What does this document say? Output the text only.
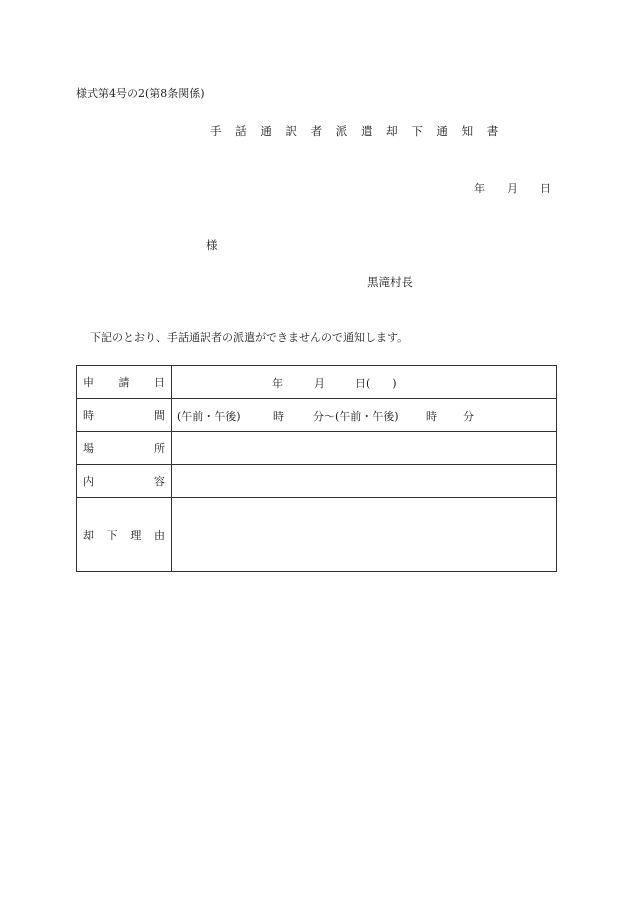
様式第4号の2(第8条関係)
手 話 通 訳 者 派 遣 却 下 通 知 書
年 月 日
様
黒滝村長
下記のとおり、手話通訳者の派遣ができませんので通知します。
申 請 日	年 月 日(　　)

時 間	(午前・午後) 時 分〜(午前・午後) 時 分

場 所	

内 容	

却 下 理 由	
